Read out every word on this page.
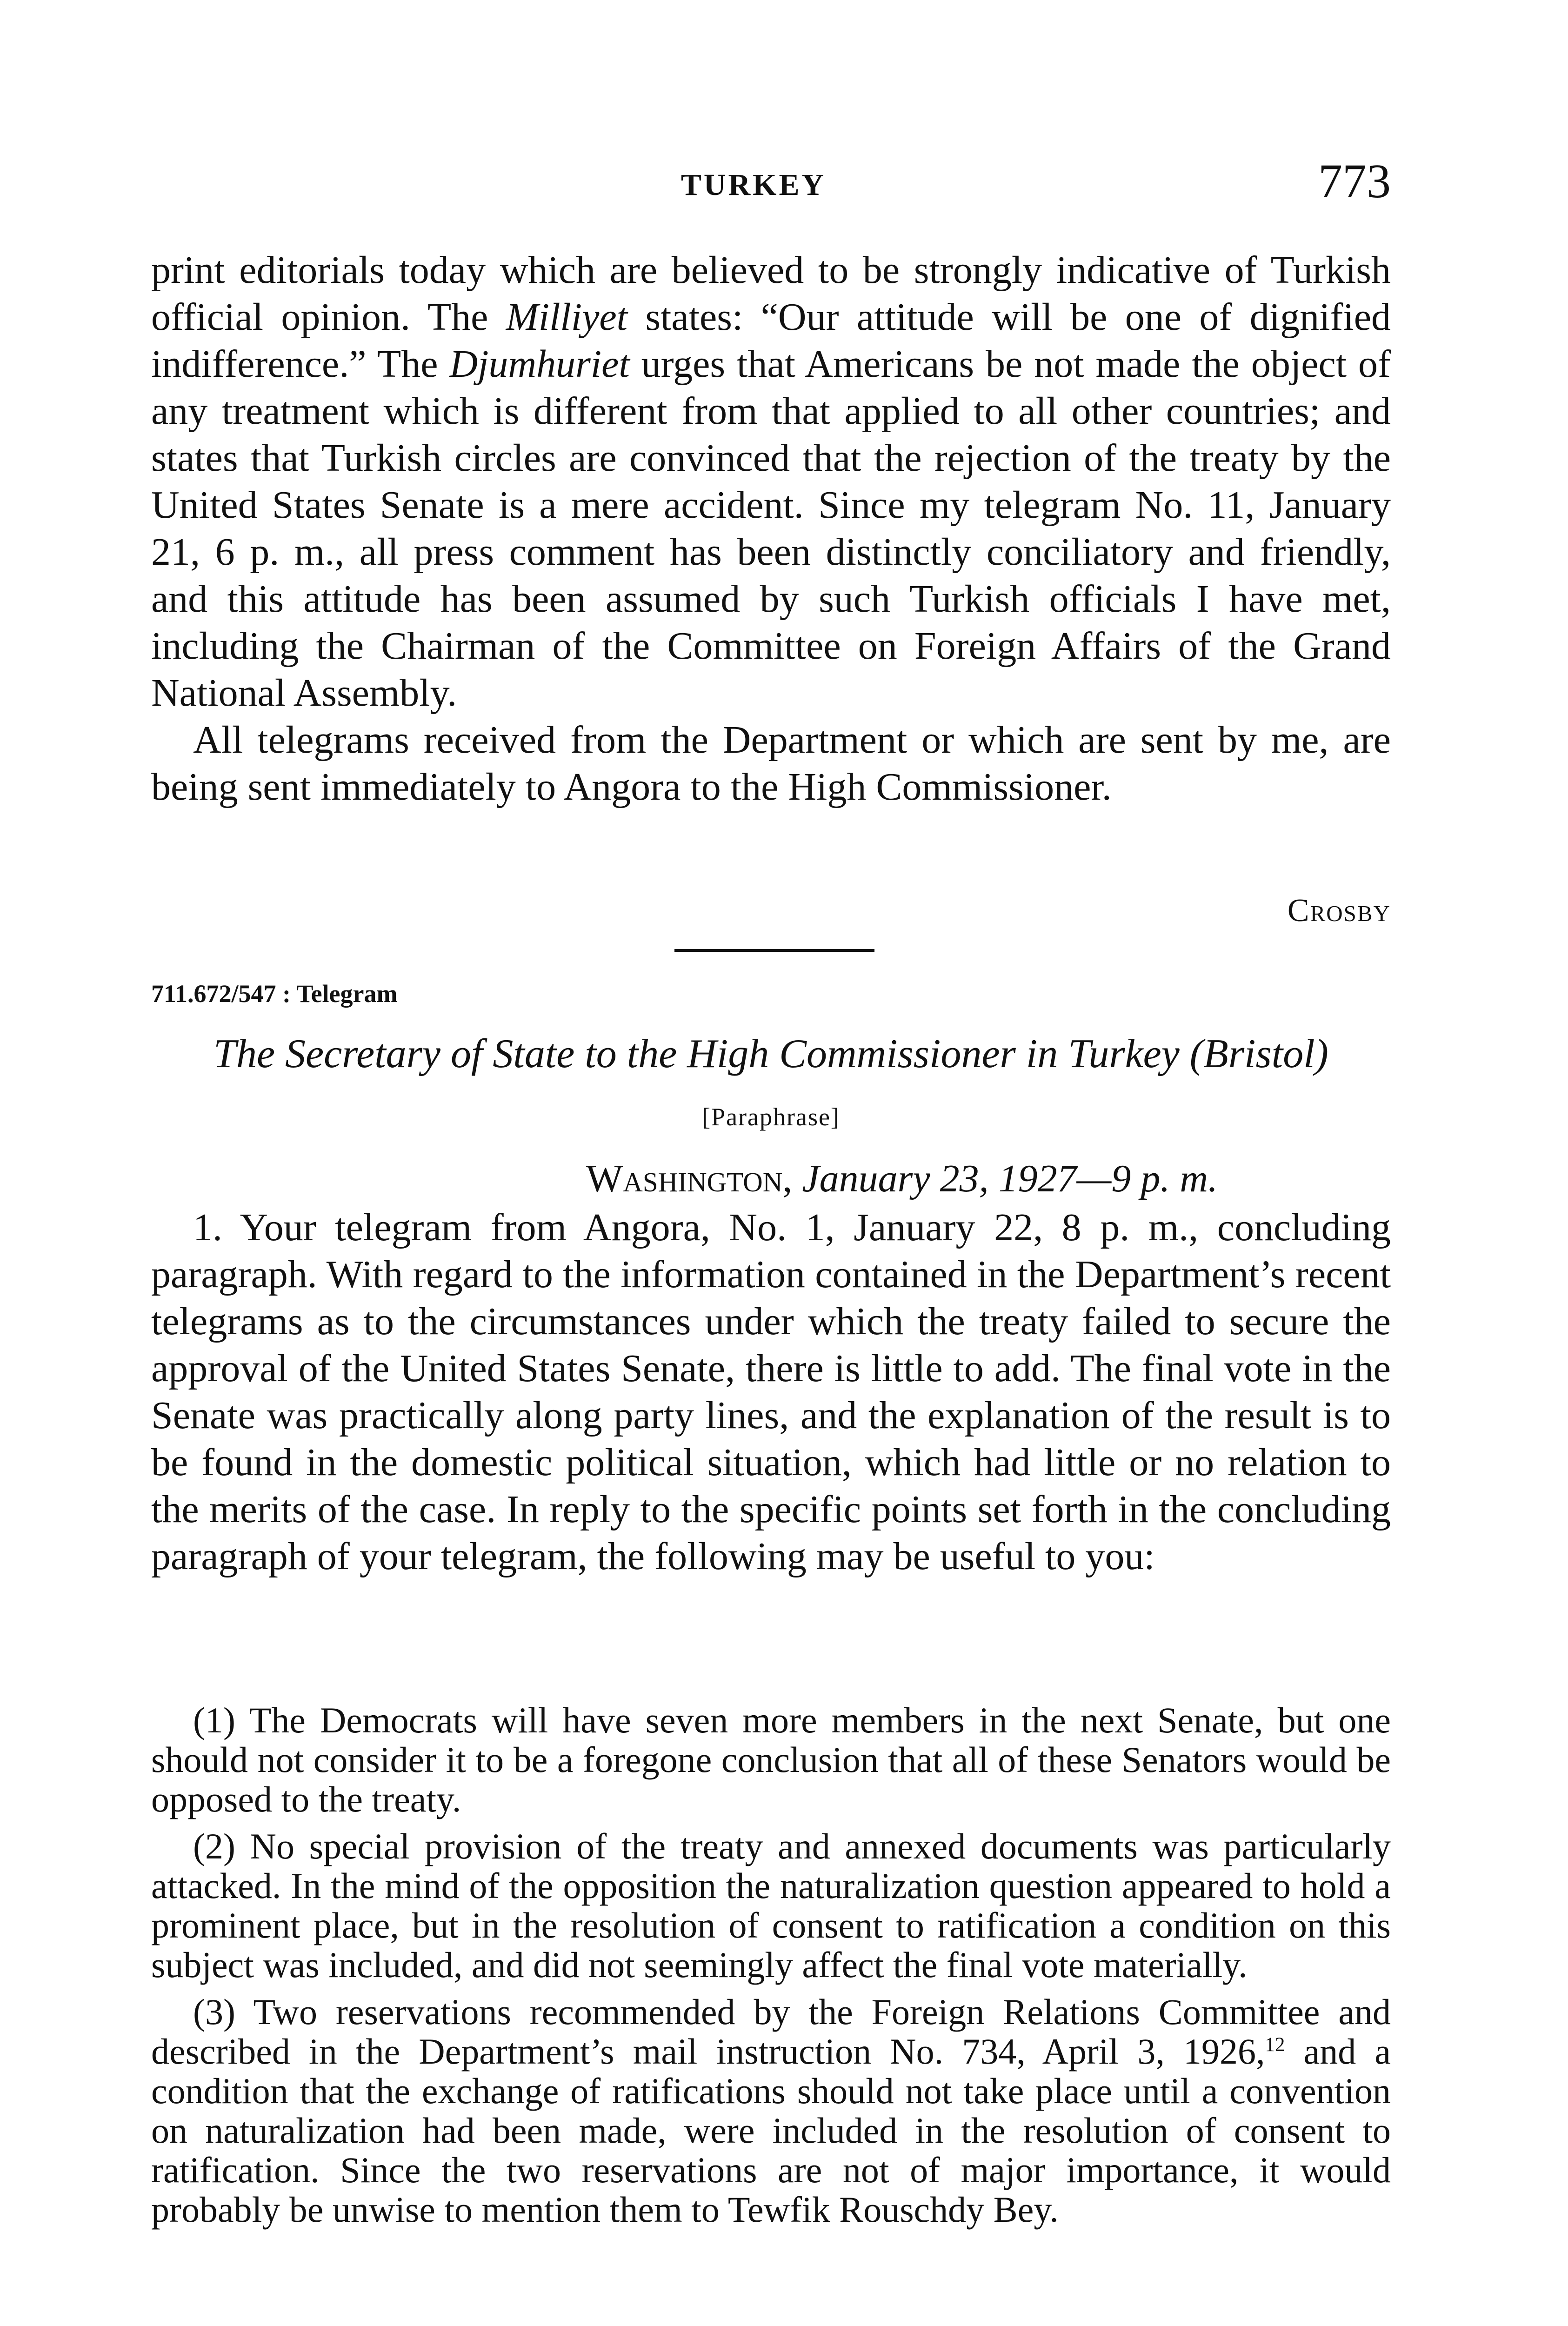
TURKEY	773

print editorials today which are believed to be strongly indicative of Turkish official opinion. The Milliyet states: “Our attitude will be one of dignified indifference.” The Djumhuriet urges that Americans be not made the object of any treatment which is different from that applied to all other countries; and states that Turkish circles are convinced that the rejection of the treaty by the United States Senate is a mere accident. Since my telegram No. 11, January 21, 6 p. m., all press comment has been distinctly conciliatory and friendly, and this attitude has been assumed by such Turkish officials I have met, including the Chairman of the Committee on Foreign Affairs of the Grand National Assembly.

All telegrams received from the Department or which are sent by me, are being sent immediately to Angora to the High Commissioner.

Crosby
711.672/547 : Telegram
The Secretary of State to the High Commissioner in Turkey (Bristol)
[Paraphrase]
Washington, January 23, 1927—9 p. m.

1. Your telegram from Angora, No. 1, January 22, 8 p. m., concluding paragraph. With regard to the information contained in the Department’s recent telegrams as to the circumstances under which the treaty failed to secure the approval of the United States Senate, there is little to add. The final vote in the Senate was practically along party lines, and the explanation of the result is to be found in the domestic political situation, which had little or no relation to the merits of the case. In reply to the specific points set forth in the concluding paragraph of your telegram, the following may be useful to you:

(1) The Democrats will have seven more members in the next Senate, but one should not consider it to be a foregone conclusion that all of these Senators would be opposed to the treaty.

(2) No special provision of the treaty and annexed documents was particularly attacked. In the mind of the opposition the naturalization question appeared to hold a prominent place, but in the resolution of consent to ratification a condition on this subject was included, and did not seemingly affect the final vote materially.

(3) Two reservations recommended by the Foreign Relations Committee and described in the Department’s mail instruction No. 734, April 3, 1926,12 and a condition that the exchange of ratifications should not take place until a convention on naturalization had been made, were included in the resolution of consent to ratification. Since the two reservations are not of major importance, it would probably be unwise to mention them to Tewfik Rouschdy Bey.
